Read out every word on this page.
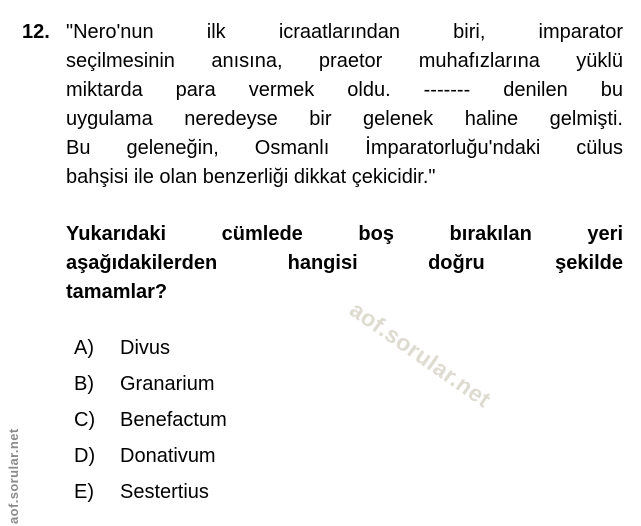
12. "Nero'nun ilk icraatlarından biri, imparator
seçilmesinin anısına, praetor muhafızlarına yüklü
miktarda para vermek oldu. ------- denilen bu
uygulama neredeyse bir gelenek haline gelmişti.
Bu geleneğin, Osmanlı İmparatorluğu'ndaki cülus
bahşisi ile olan benzerliği dikkat çekicidir."
Yukarıdaki cümlede boş bırakılan yeri
aşağıdakilerden hangisi doğru şekilde
tamamlar?
A)	Divus
B)	Granarium
C)	Benefactum
D)	Donativum
E)	Sestertius
aof.sorular.net
aof.sorular.net
